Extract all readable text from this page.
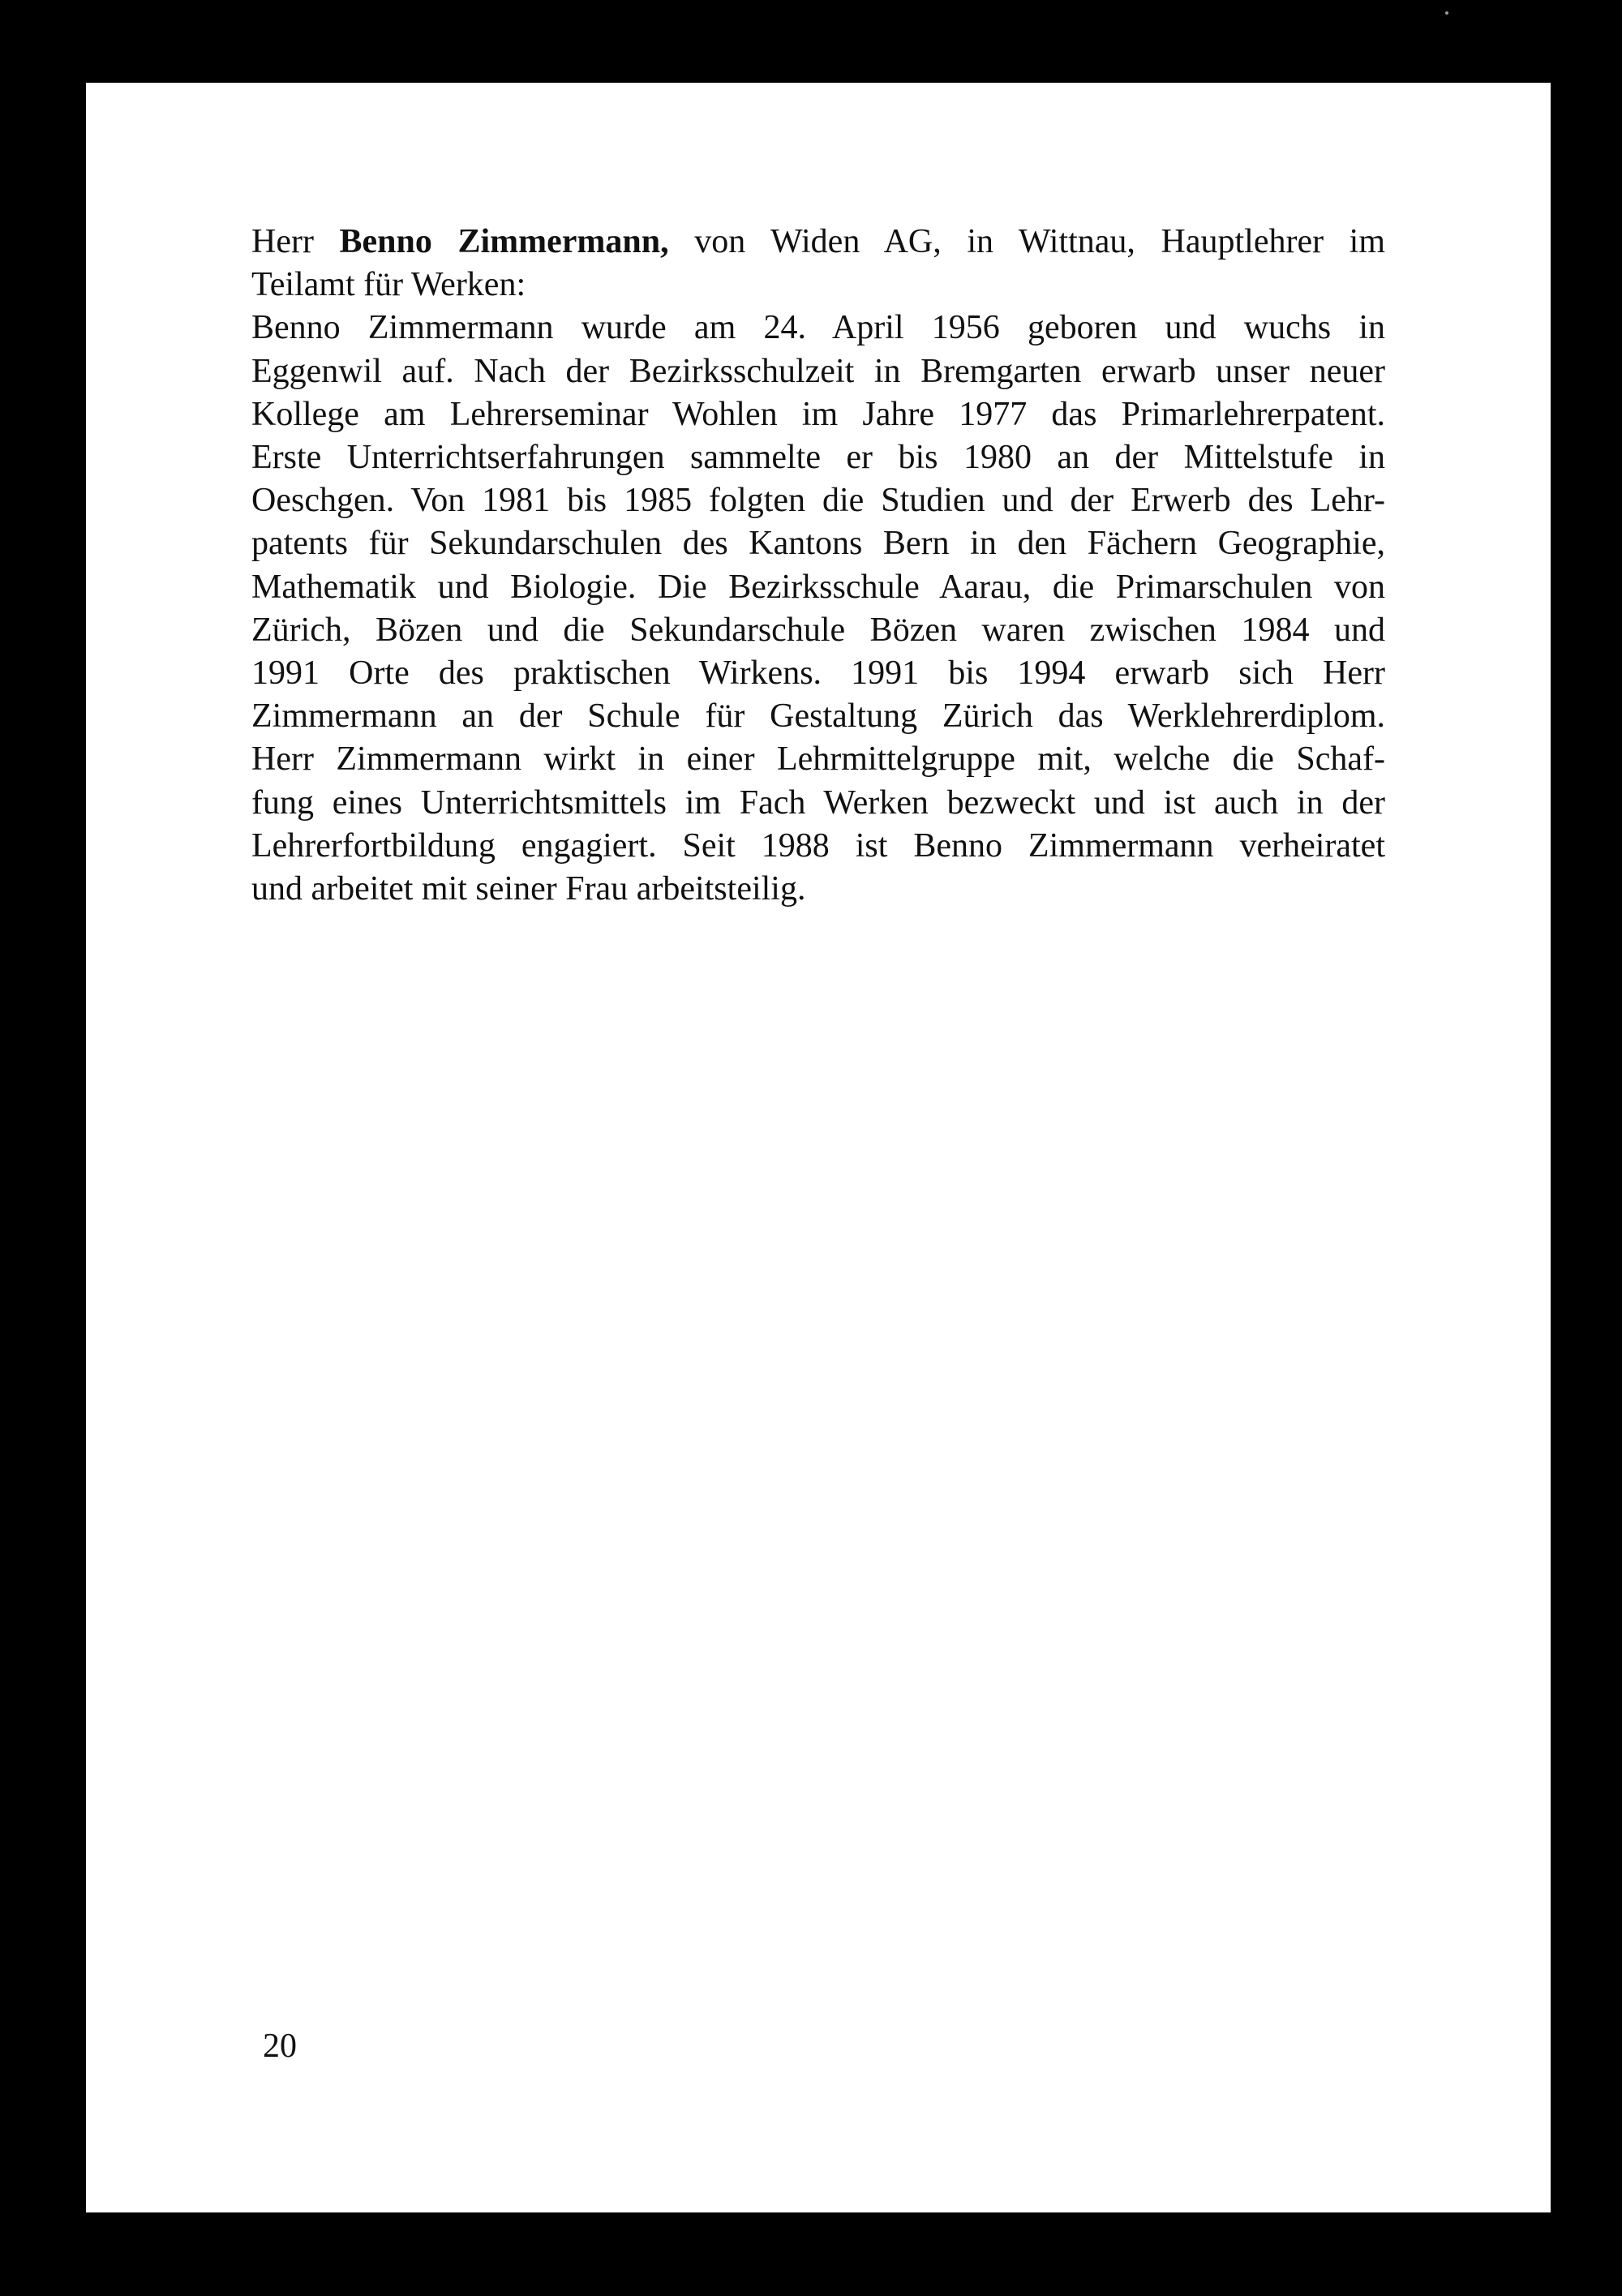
Herr Benno Zimmermann, von Widen AG, in Wittnau, Hauptlehrer im
Teilamt für Werken:
Benno Zimmermann wurde am 24. April 1956 geboren und wuchs in
Eggenwil auf. Nach der Bezirksschulzeit in Bremgarten erwarb unser neuer
Kollege am Lehrerseminar Wohlen im Jahre 1977 das Primarlehrerpatent.
Erste Unterrichtserfahrungen sammelte er bis 1980 an der Mittelstufe in
Oeschgen. Von 1981 bis 1985 folgten die Studien und der Erwerb des Lehr-
patents für Sekundarschulen des Kantons Bern in den Fächern Geographie,
Mathematik und Biologie. Die Bezirksschule Aarau, die Primarschulen von
Zürich, Bözen und die Sekundarschule Bözen waren zwischen 1984 und
1991 Orte des praktischen Wirkens. 1991 bis 1994 erwarb sich Herr
Zimmermann an der Schule für Gestaltung Zürich das Werklehrerdiplom.
Herr Zimmermann wirkt in einer Lehrmittelgruppe mit, welche die Schaf-
fung eines Unterrichtsmittels im Fach Werken bezweckt und ist auch in der
Lehrerfortbildung engagiert. Seit 1988 ist Benno Zimmermann verheiratet
und arbeitet mit seiner Frau arbeitsteilig.

20
